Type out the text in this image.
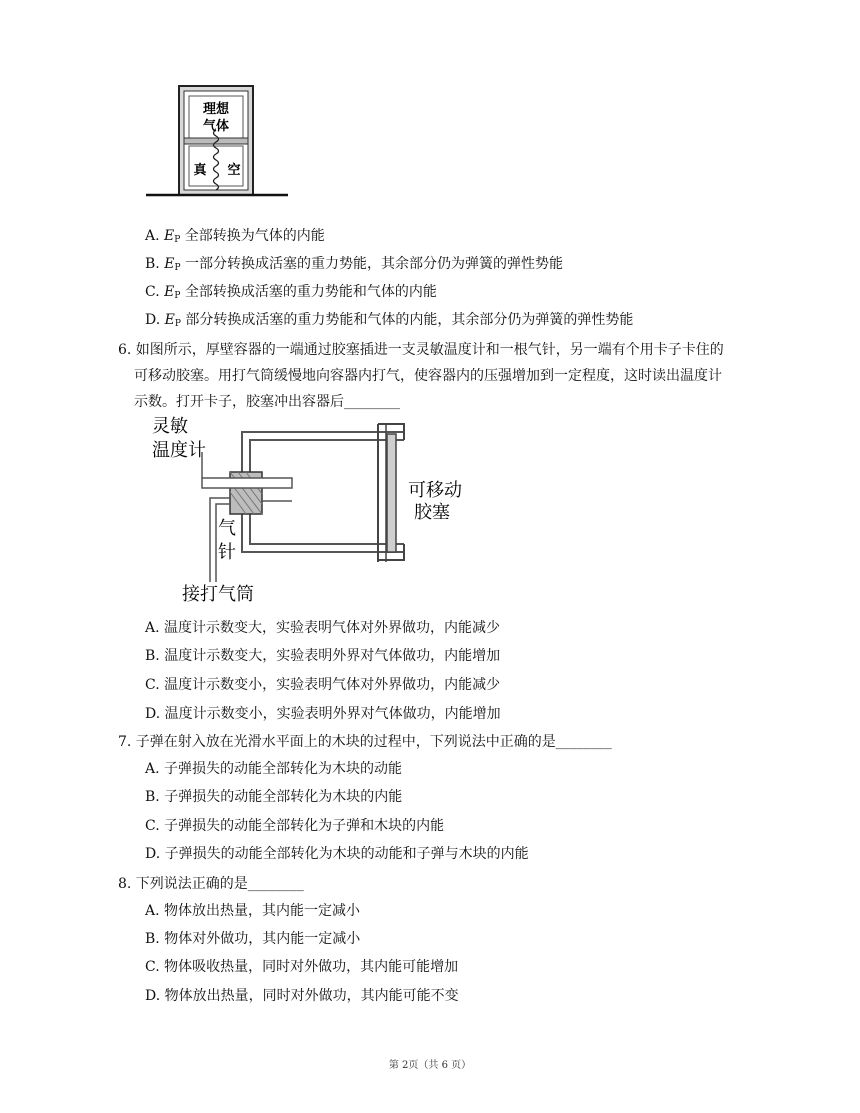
理想
气体
真 空
A. $E_P$ 全部转换为气体的内能
B. $E_P$ 一部分转换成活塞的重力势能，其余部分仍为弹簧的弹性势能
C. $E_P$ 全部转换成活塞的重力势能和气体的内能
D. $E_P$ 部分转换成活塞的重力势能和气体的内能，其余部分仍为弹簧的弹性势能
6. 如图所示，厚壁容器的一端通过胶塞插进一支灵敏温度计和一根气针，另一端有个用卡子卡住的
可移动胶塞。用打气筒缓慢地向容器内打气，使容器内的压强增加到一定程度，这时读出温度计
示数。打开卡子，胶塞冲出容器后________
灵敏
温度计
气
针
可移动
胶塞
接打气筒
A. 温度计示数变大，实验表明气体对外界做功，内能减少
B. 温度计示数变大，实验表明外界对气体做功，内能增加
C. 温度计示数变小，实验表明气体对外界做功，内能减少
D. 温度计示数变小，实验表明外界对气体做功，内能增加
7. 子弹在射入放在光滑水平面上的木块的过程中，下列说法中正确的是________
A. 子弹损失的动能全部转化为木块的动能
B. 子弹损失的动能全部转化为木块的内能
C. 子弹损失的动能全部转化为子弹和木块的内能
D. 子弹损失的动能全部转化为木块的动能和子弹与木块的内能
8. 下列说法正确的是________
A. 物体放出热量，其内能一定减小
B. 物体对外做功，其内能一定减小
C. 物体吸收热量，同时对外做功，其内能可能增加
D. 物体放出热量，同时对外做功，其内能可能不变
第 2页（共 6 页）
